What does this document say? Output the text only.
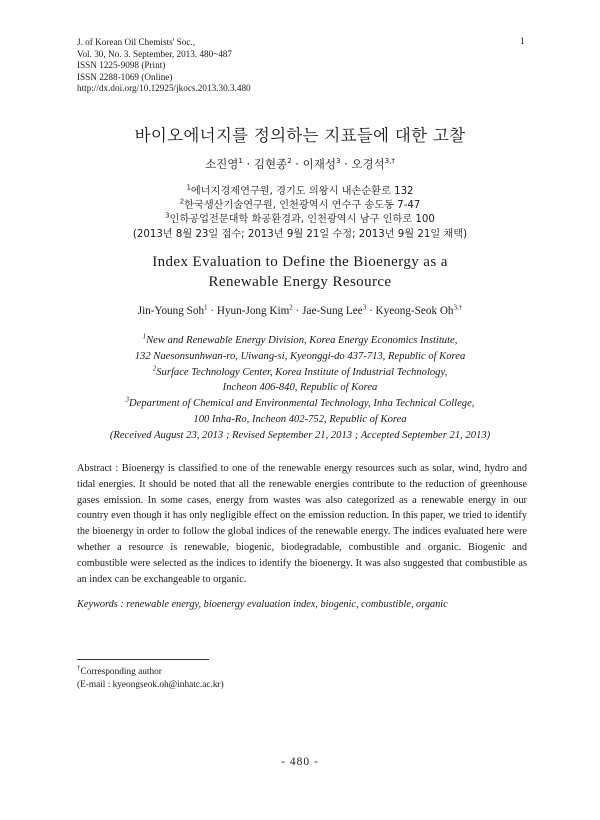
J. of Korean Oil Chemists' Soc.,
Vol. 30, No. 3. September, 2013. 480~487
ISSN 1225-9098 (Print)
ISSN 2288-1069 (Online)
http://dx.doi.org/10.12925/jkocs.2013.30.3.480
1
바이오에너지를 정의하는 지표들에 대한 고찰
소진영$^1$ · 김현종$^2$ · 이재성$^3$ · 오경석$^{3,\dagger}$
$^1$에너지경제연구원, 경기도 의왕시 내손순환로 132
$^2$한국생산기술연구원, 인천광역시 연수구 송도동 7-47
$^3$인하공업전문대학 화공환경과, 인천광역시 남구 인하로 100
(2013년 8월 23일 접수; 2013년 9월 21일 수정; 2013년 9월 21일 채택)
Index Evaluation to Define the Bioenergy as a
Renewable Energy Resource
Jin-Young Soh$^1$ · Hyun-Jong Kim$^2$ · Jae-Sung Lee$^3$ · Kyeong-Seok $Oh^{3,\dagger}$
$^1$New and Renewable Energy Division, Korea Energy Economics Institute,
132 Naesonsunhwan-ro, Uiwang-si, Kyeonggi-do 437-713, Republic of Korea
$^2$Surface Technology Center, Korea Institute of Industrial Technology,
Incheon 406-840, Republic of Korea
$^3$Department of Chemical and Environmental Technology, Inha Technical College,
100 Inha-Ro, Incheon 402-752, Republic of Korea
(Received August 23, 2013 ; Revised September 21, 2013 ; Accepted September 21, 2013)
Abstract : Bioenergy is classified to one of the renewable energy resources such as solar, wind, hydro and tidal energies. It should be noted that all the renewable energies contribute to the reduction of greenhouse gases emission. In some cases, energy from wastes was also categorized as a renewable energy in our country even though it has only negligible effect on the emission reduction. In this paper, we tried to identify the bioenergy in order to follow the global indices of the renewable energy. The indices evaluated here were whether a resource is renewable, biogenic, biodegradable, combustible and organic. Biogenic and combustible were selected as the indices to identify the bioenergy. It was also suggested that combustible as an index can be exchangeable to organic.
Keywords : renewable energy, bioenergy evaluation index, biogenic, combustible, organic
†Corresponding author
(E-mail : kyeongseok.oh@inhatc.ac.kr)
- 480 -
